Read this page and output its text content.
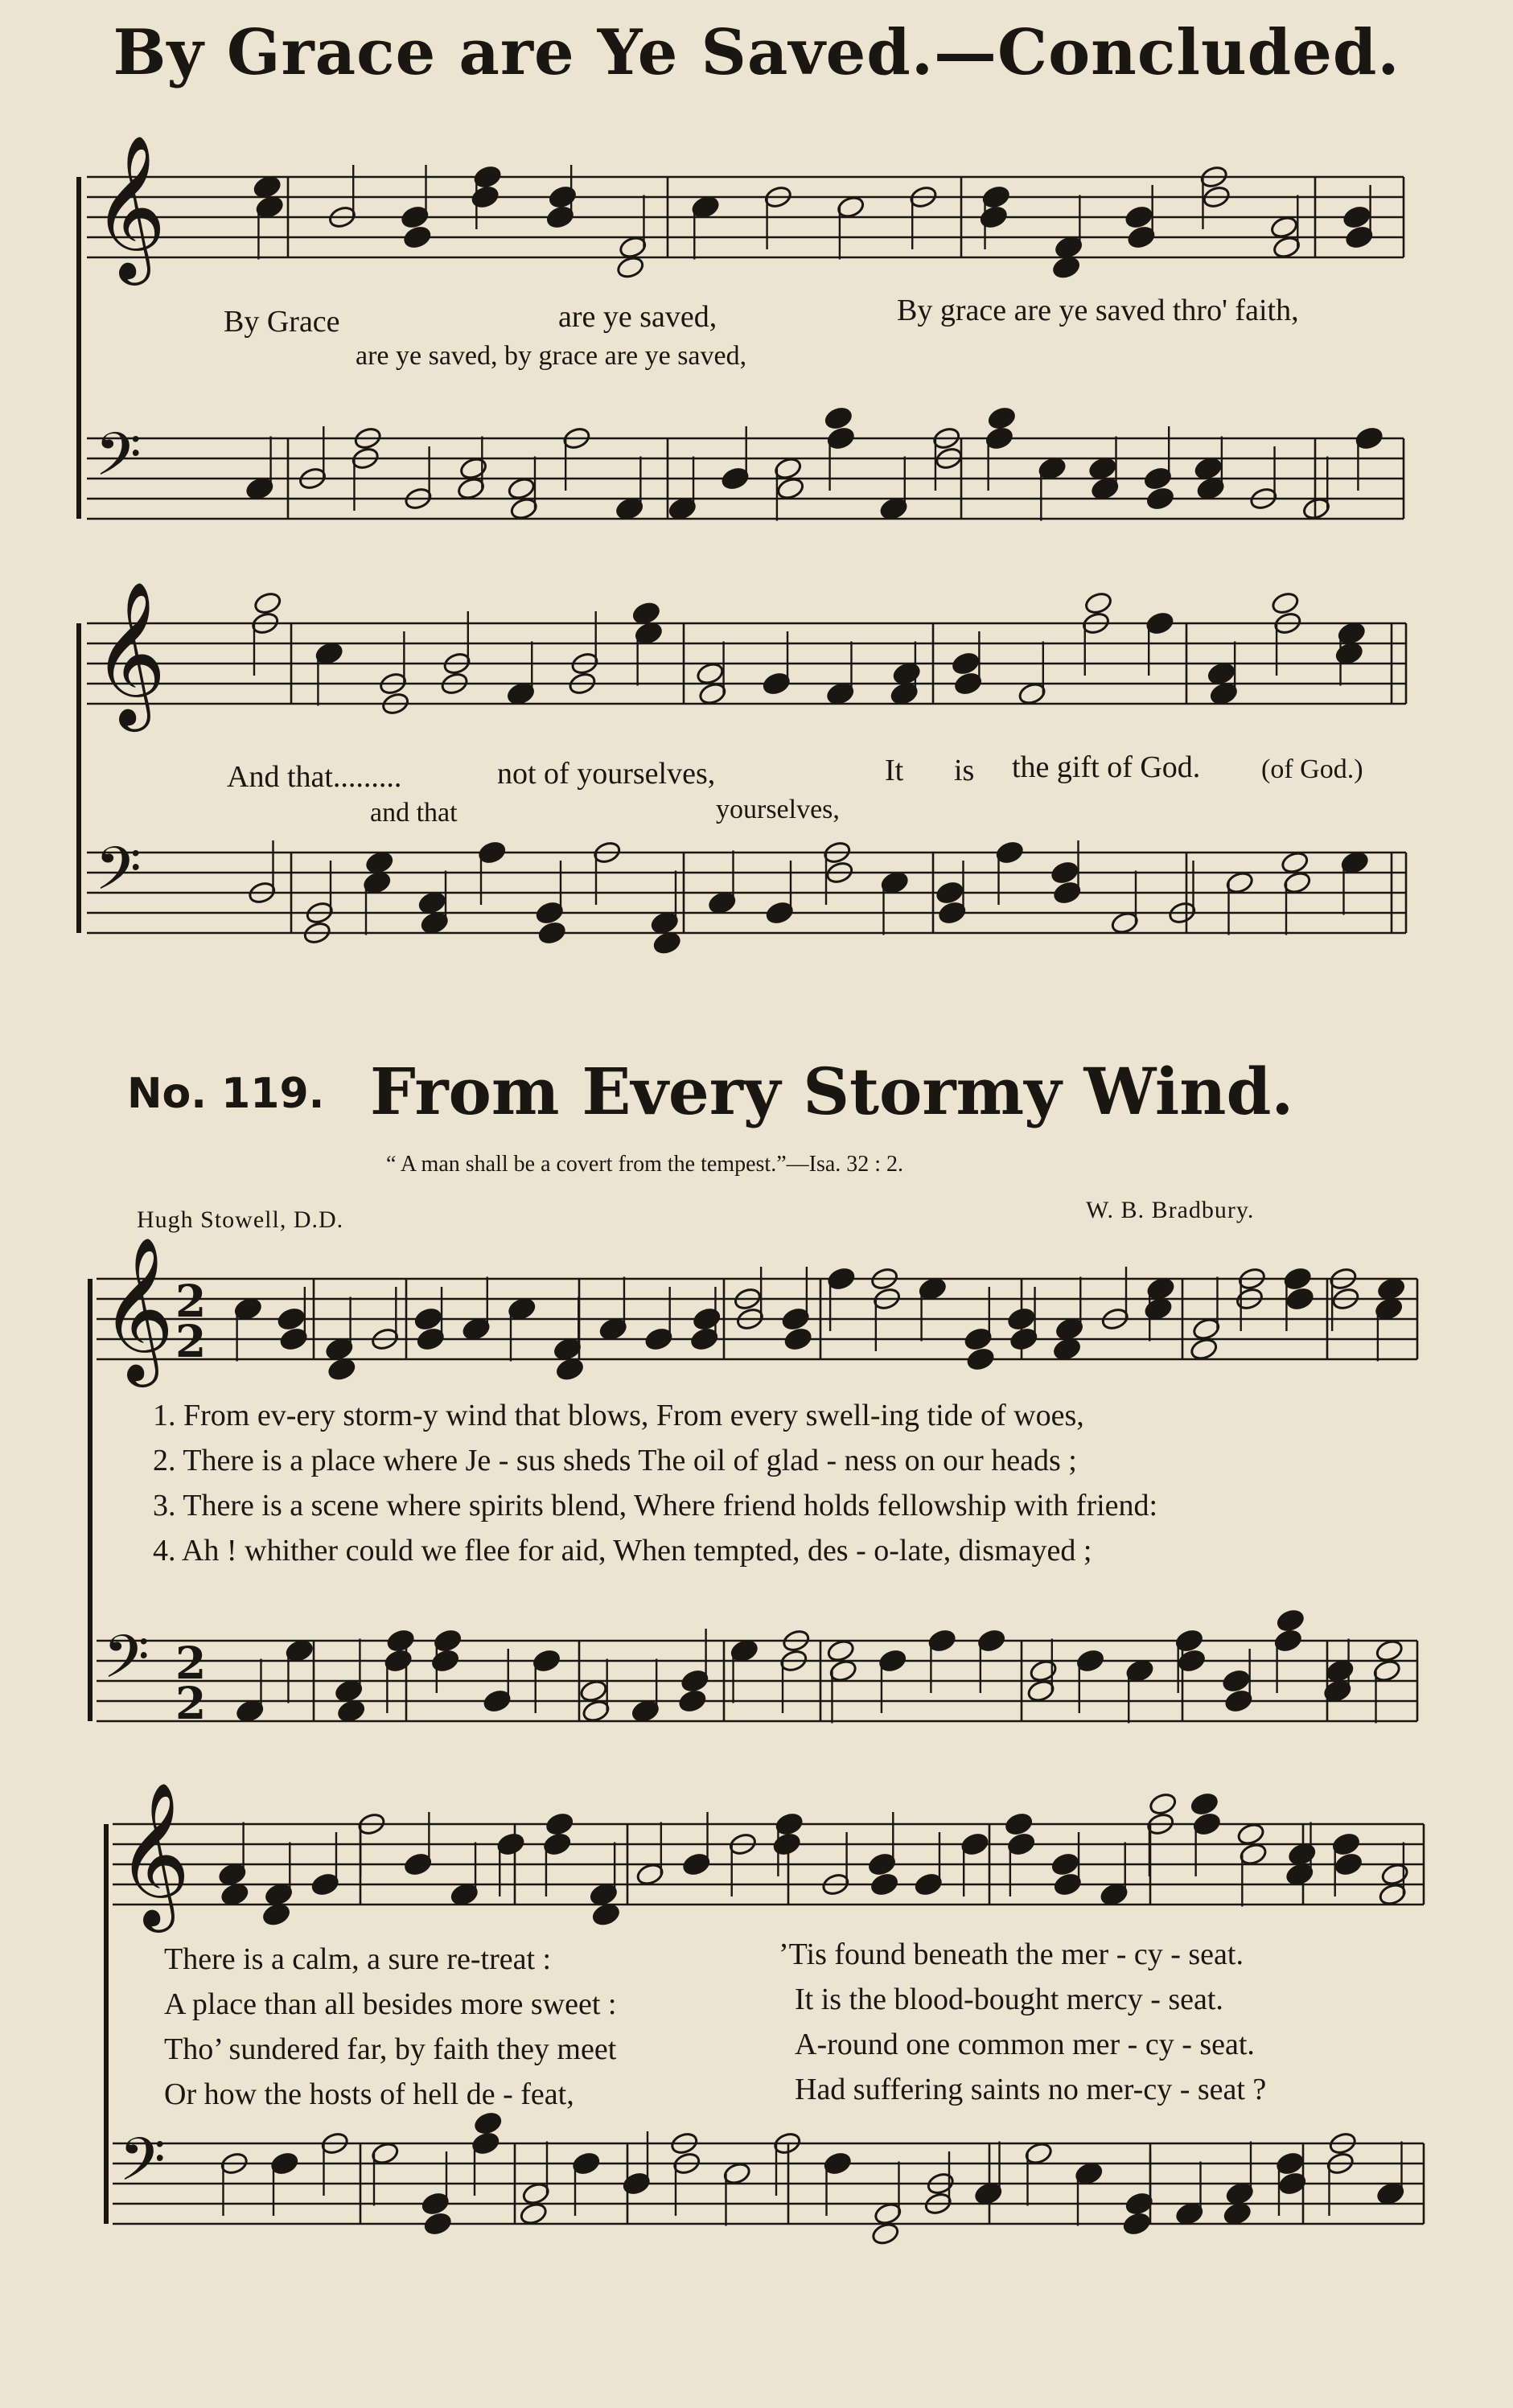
By Grace are Ye Saved.—Concluded.
𝄞
𝄢
𝄞
𝄢
𝄞
𝄢
𝄞
𝄢
2
2
2
2
By Grace	are ye saved,	By grace are ye saved thro' faith,
are ye saved, by grace are ye saved,
And that.........	not of yourselves,	It is the gift of God. (of God.)
and that	yourselves,
No. 119. From Every Stormy Wind.
“ A man shall be a covert from the tempest.”—Isa. 32 : 2.
Hugh Stowell, D.D.	W. B. Bradbury.
1. From ev-ery storm-y wind that blows, From every swell-ing tide of woes,
2. There is a place where Je - sus sheds The oil of glad - ness on our heads ;
3. There is a scene where spirits blend, Where friend holds fellowship with friend:
4. Ah ! whither could we flee for aid, When tempted, des - o-late, dismayed ;
There is a calm, a sure re-treat :	’Tis found beneath the mer - cy - seat.
A place than all besides more sweet :	It is the blood-bought mercy - seat.
Tho’ sundered far, by faith they meet	A-round one common mer - cy - seat.
Or how the hosts of hell de - feat,	Had suffering saints no mer-cy - seat ?
